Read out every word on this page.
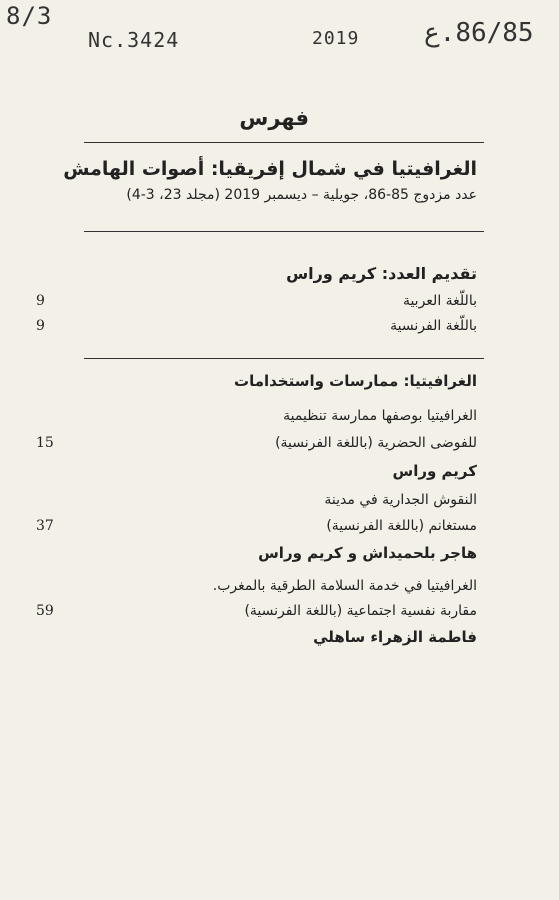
8/3
Nc.3424	2019 86/85.ع
فهرس
الغرافيتيا في شمال إفريقيا: أصوات الهامش
عدد مزدوج 85-86، جويلية – ديسمبر 2019 (مجلد 23، 3-4)
تقديم العدد: كريم وراس
باللّغة العربية
9
باللّغة الفرنسية
9
الغرافيتيا: ممارسات واستخدامات
الغرافيتيا بوصفها ممارسة تنظيمية
للفوضى الحضرية (باللغة الفرنسية)
15
كريم وراس
النقوش الجدارية في مدينة
مستغانم (باللغة الفرنسية)
37
هاجر بلحميداش و كريم وراس
الغرافيتيا في خدمة السلامة الطرقية بالمغرب.
مقاربة نفسية اجتماعية (باللغة الفرنسية)
59
فاطمة الزهراء ساهلي
